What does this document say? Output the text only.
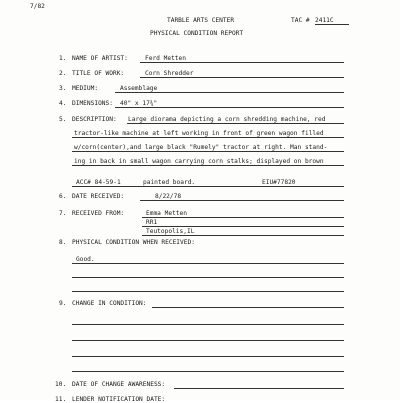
7/82
TARBLE ARTS CENTER	TAC # 2411C
PHYSICAL CONDITION REPORT
1. NAME OF ARTIST:	Ferd Metten
2. TITLE OF WORK:	Corn Shredder
3. MEDIUM:	Assemblage
4. DIMENSIONS: 40" x 17¾"
5. DESCRIPTION: Large diorama depicting a corn shredding machine, red
tractor-like machine at left working in front of green wagon filled
w/corn(center),and large black "Rumely" tractor at right. Man stand-
ing in back in small wagon carrying corn stalks; displayed on brown
ACC# 84-59-1	painted board.	EIU#77820
6. DATE RECEIVED:	8/22/78
7. RECEIVED FROM:	Emma Metten
RR1
Teutopolis,IL
8. PHYSICAL CONDITION WHEN RECEIVED:
Good.
9. CHANGE IN CONDITION:
10. DATE OF CHANGE AWARENESS:
11. LENDER NOTIFICATION DATE:
